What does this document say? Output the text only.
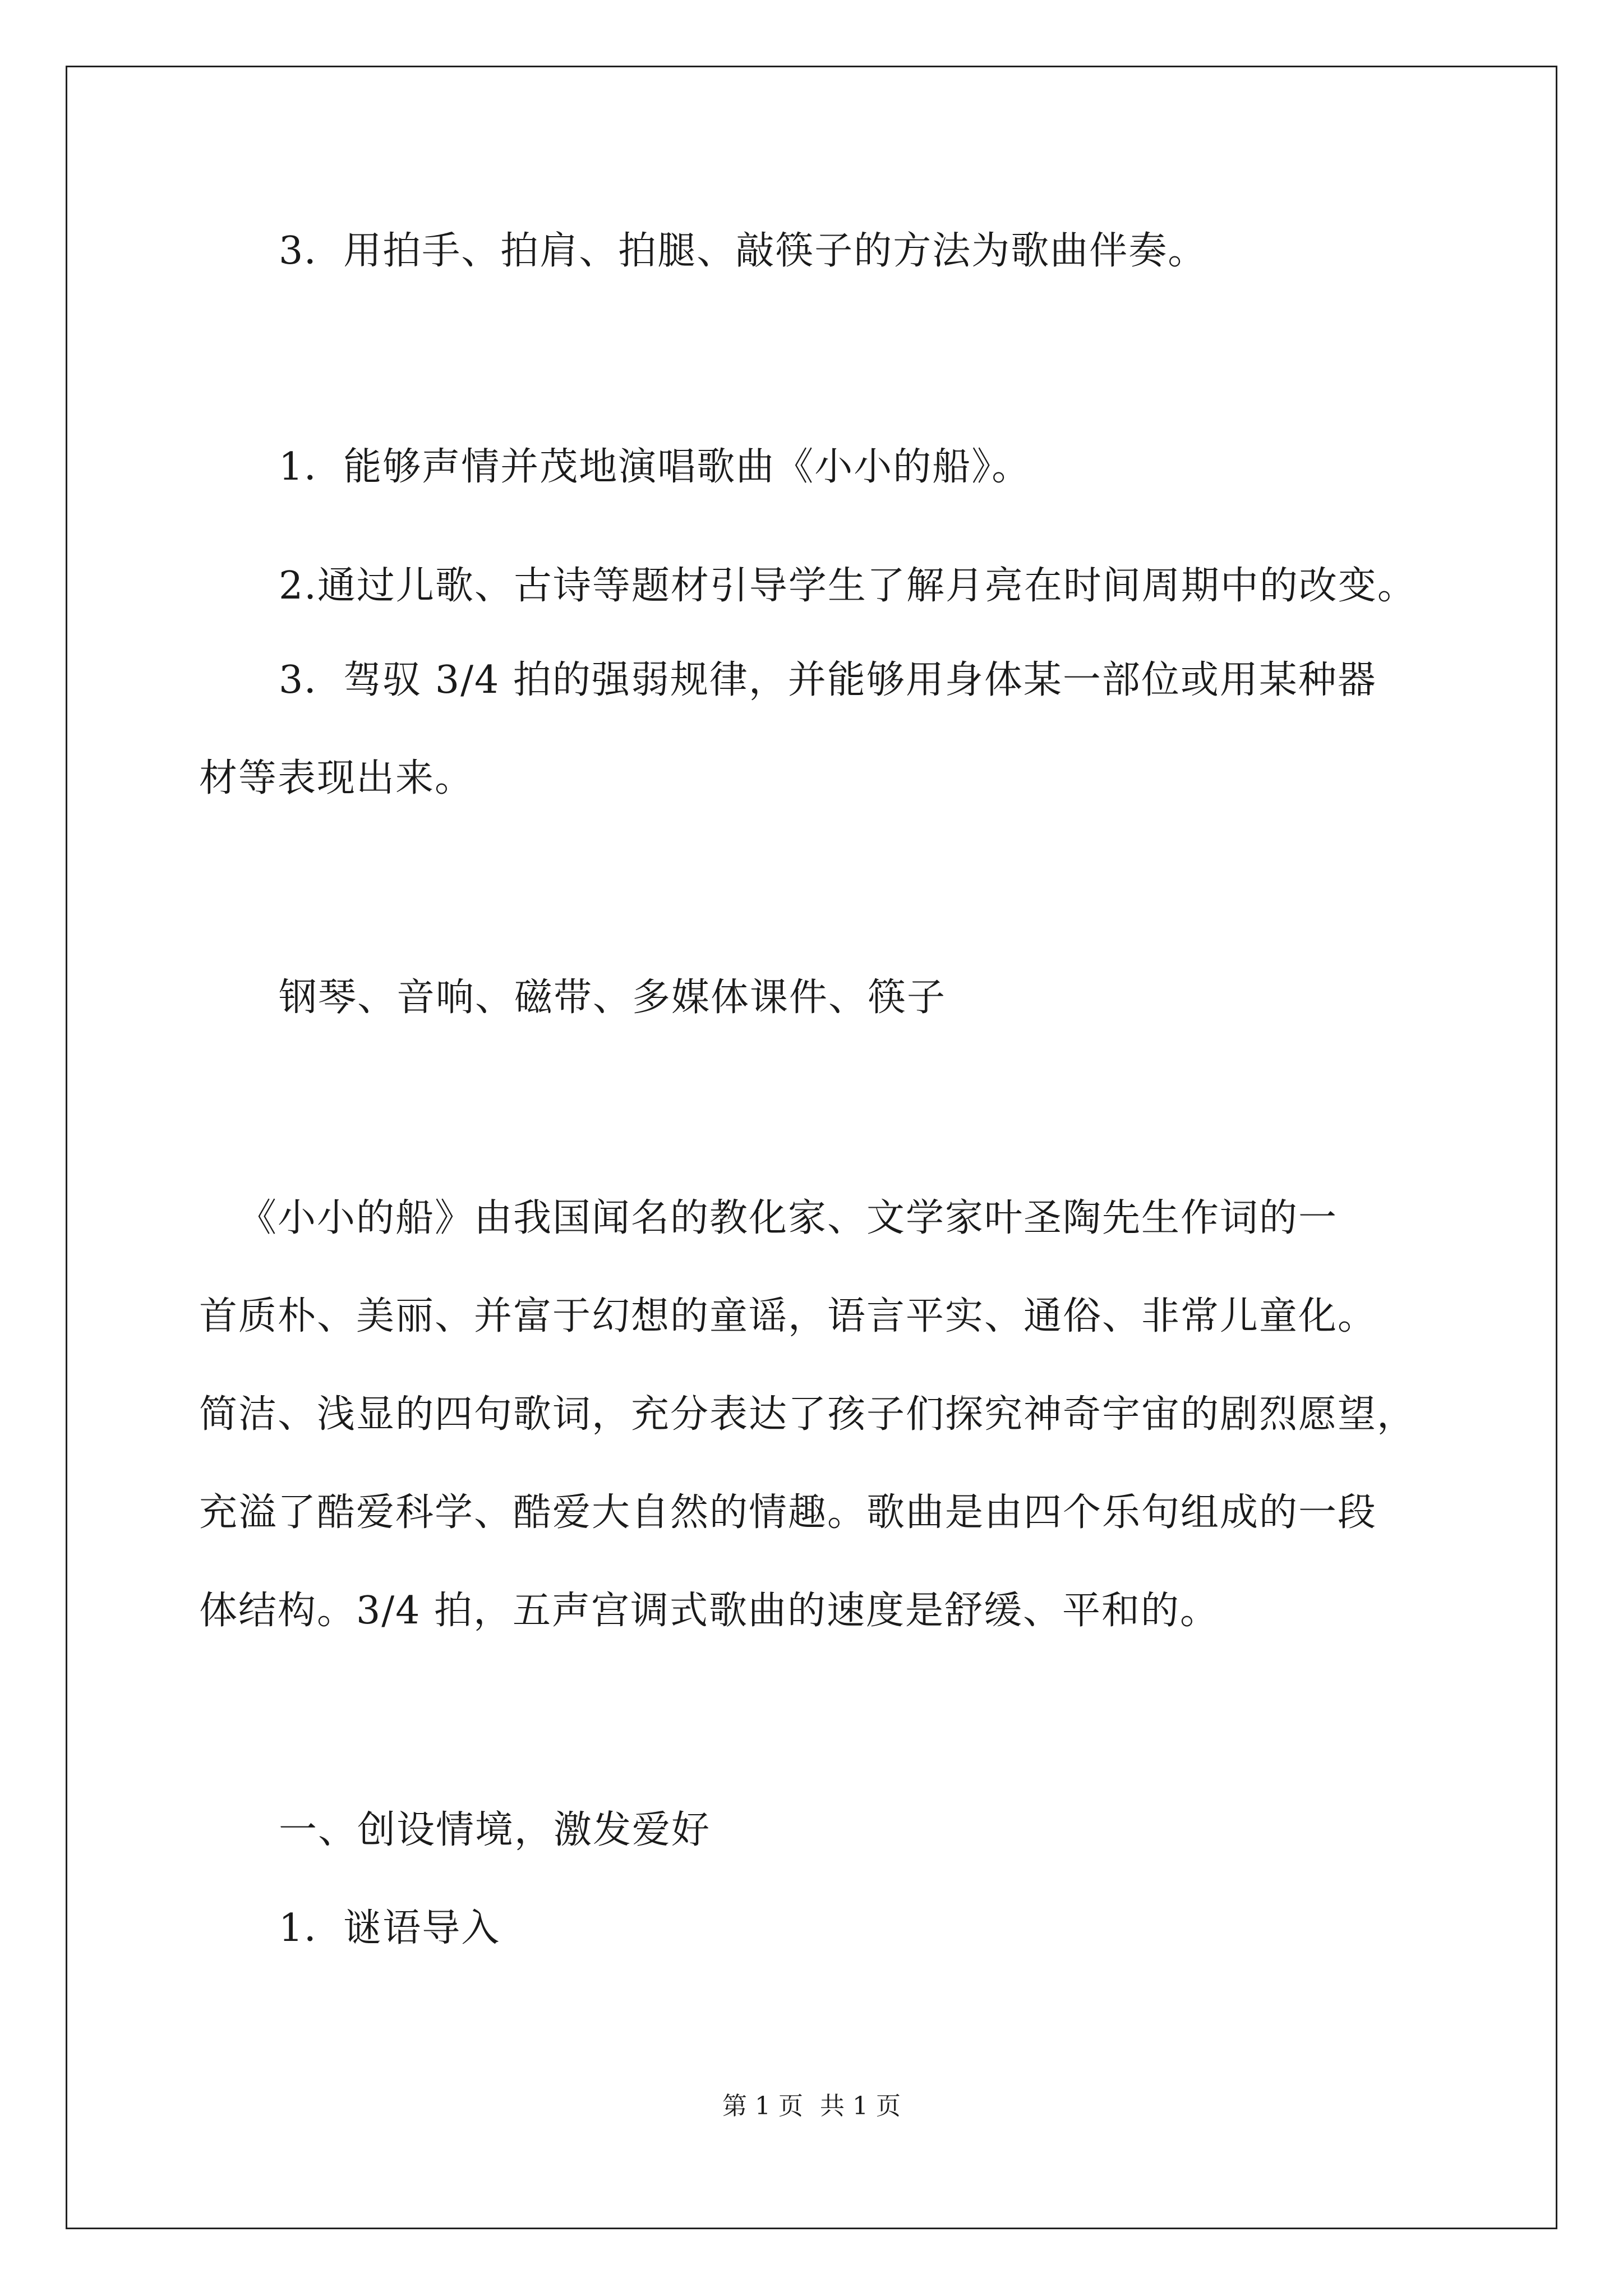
3．用拍手、拍肩、拍腿、敲筷子的方法为歌曲伴奏。
1．能够声情并茂地演唱歌曲《小小的船》。
2.通过儿歌、古诗等题材引导学生了解月亮在时间周期中的改变。
3．驾驭 3/4 拍的强弱规律，并能够用身体某一部位或用某种器
材等表现出来。
钢琴、音响、磁带、多媒体课件、筷子
《小小的船》由我国闻名的教化家、文学家叶圣陶先生作词的一
首质朴、美丽、并富于幻想的童谣，语言平实、通俗、非常儿童化。
简洁、浅显的四句歌词，充分表达了孩子们探究神奇宇宙的剧烈愿望，
充溢了酷爱科学、酷爱大自然的情趣。歌曲是由四个乐句组成的一段
体结构。3/4 拍，五声宫调式歌曲的速度是舒缓、平和的。
一、创设情境，激发爱好
1．谜语导入
第 1 页 共 1 页
